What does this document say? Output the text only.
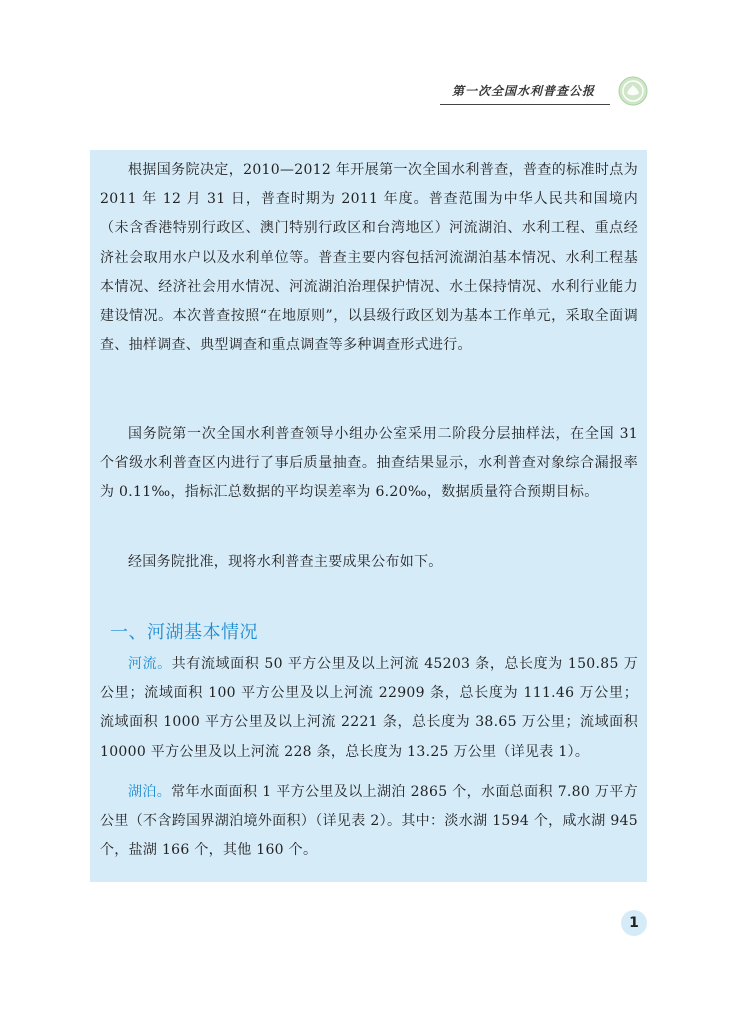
第一次全国水利普查公报

根据国务院决定，2010—2012 年开展第一次全国水利普查，普查的标准时点为 2011 年 12 月 31 日，普查时期为 2011 年度。普查范围为中华人民共和国境内（未含香港特别行政区、澳门特别行政区和台湾地区）河流湖泊、水利工程、重点经济社会取用水户以及水利单位等。普查主要内容包括河流湖泊基本情况、水利工程基本情况、经济社会用水情况、河流湖泊治理保护情况、水土保持情况、水利行业能力建设情况。本次普查按照“在地原则”，以县级行政区划为基本工作单元，采取全面调查、抽样调查、典型调查和重点调查等多种调查形式进行。

国务院第一次全国水利普查领导小组办公室采用二阶段分层抽样法，在全国 31 个省级水利普查区内进行了事后质量抽查。抽查结果显示，水利普查对象综合漏报率为 0.11‰，指标汇总数据的平均误差率为 6.20‰，数据质量符合预期目标。

经国务院批准，现将水利普查主要成果公布如下。

一、河湖基本情况

河流。共有流域面积 50 平方公里及以上河流 45203 条，总长度为 150.85 万公里；流域面积 100 平方公里及以上河流 22909 条，总长度为 111.46 万公里；流域面积 1000 平方公里及以上河流 2221 条，总长度为 38.65 万公里；流域面积 10000 平方公里及以上河流 228 条，总长度为 13.25 万公里（详见表 1）。

湖泊。常年水面面积 1 平方公里及以上湖泊 2865 个，水面总面积 7.80 万平方公里（不含跨国界湖泊境外面积）（详见表 2）。其中：淡水湖 1594 个，咸水湖 945 个，盐湖 166 个，其他 160 个。

1
